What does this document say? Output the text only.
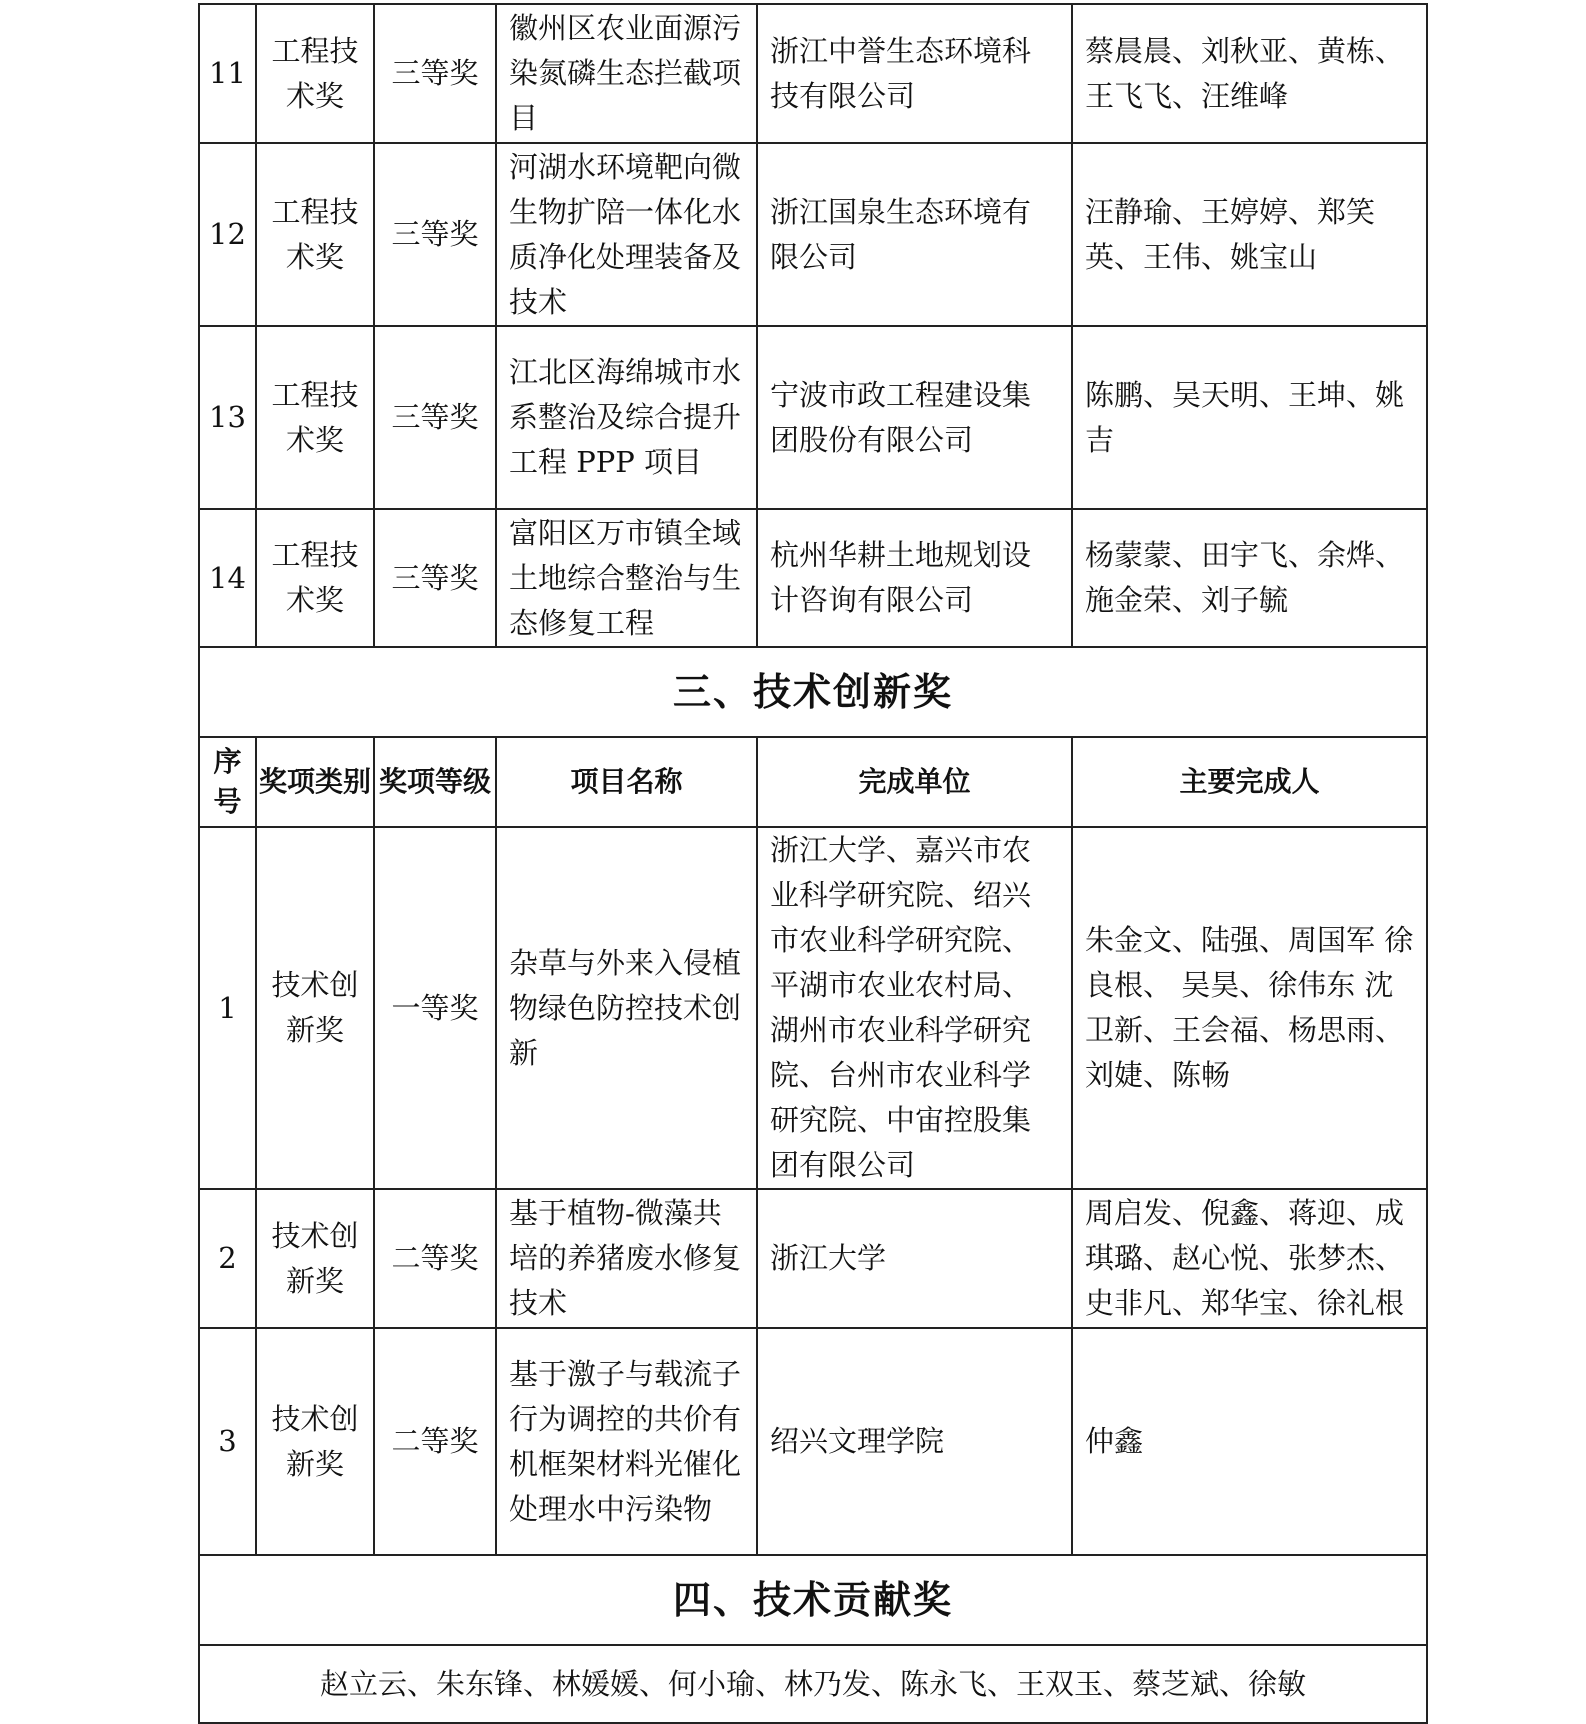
11	工程技术奖	三等奖	徽州区农业面源污染氮磷生态拦截项目	浙江中誉生态环境科技有限公司	蔡晨晨、刘秋亚、黄栋、王飞飞、汪维峰
12	工程技术奖	三等奖	河湖水环境靶向微生物扩陪一体化水质净化处理装备及技术	浙江国泉生态环境有限公司	汪静瑜、王婷婷、郑笑英、王伟、姚宝山
13	工程技术奖	三等奖	江北区海绵城市水系整治及综合提升工程 PPP 项目	宁波市政工程建设集团股份有限公司	陈鹏、吴天明、王坤、姚吉
14	工程技术奖	三等奖	富阳区万市镇全域土地综合整治与生态修复工程	杭州华耕土地规划设计咨询有限公司	杨蒙蒙、田宇飞、余烨、施金荣、刘子毓
三、技术创新奖					
序号	奖项类别	奖项等级	项目名称	完成单位	主要完成人
1	技术创新奖	一等奖	杂草与外来入侵植物绿色防控技术创新	浙江大学、嘉兴市农业科学研究院、绍兴市农业科学研究院、平湖市农业农村局、湖州市农业科学研究院、台州市农业科学研究院、中宙控股集团有限公司	朱金文、陆强、周国军 徐良根、 吴昊、徐伟东 沈卫新、王会福、杨思雨、刘婕、陈畅
2	技术创新奖	二等奖	基于植物-微藻共培的养猪废水修复技术	浙江大学	周启发、倪鑫、蒋迎、成琪璐、赵心悦、张梦杰、史非凡、郑华宝、徐礼根
3	技术创新奖	二等奖	基于激子与载流子行为调控的共价有机框架材料光催化处理水中污染物	绍兴文理学院	仲鑫
四、技术贡献奖					
赵立云、朱东锋、林媛媛、何小瑜、林乃发、陈永飞、王双玉、蔡芝斌、徐敏					
